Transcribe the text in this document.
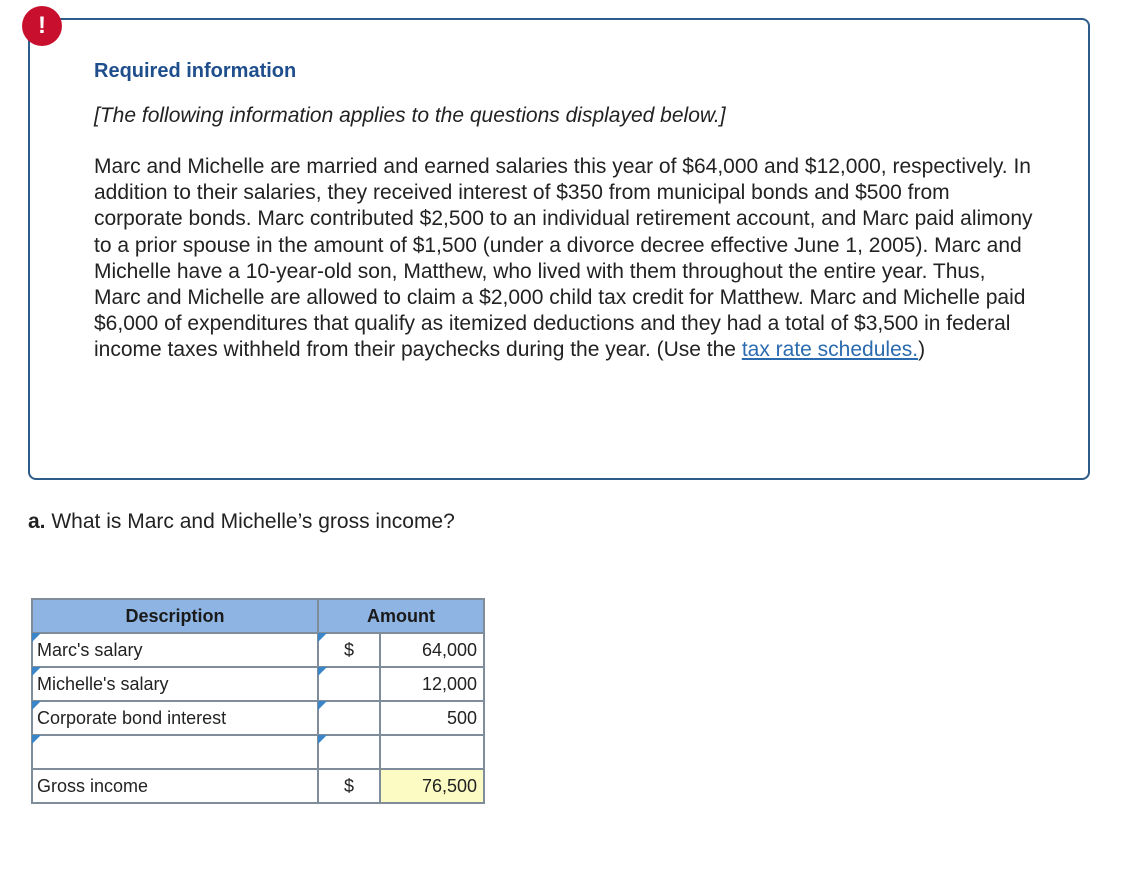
Required information
[The following information applies to the questions displayed below.]
Marc and Michelle are married and earned salaries this year of $64,000 and $12,000, respectively. In addition to their salaries, they received interest of $350 from municipal bonds and $500 from corporate bonds. Marc contributed $2,500 to an individual retirement account, and Marc paid alimony to a prior spouse in the amount of $1,500 (under a divorce decree effective June 1, 2005). Marc and Michelle have a 10-year-old son, Matthew, who lived with them throughout the entire year. Thus, Marc and Michelle are allowed to claim a $2,000 child tax credit for Matthew. Marc and Michelle paid $6,000 of expenditures that qualify as itemized deductions and they had a total of $3,500 in federal income taxes withheld from their paychecks during the year. (Use the tax rate schedules.)
!
a. What is Marc and Michelle’s gross income?
Description	Amount	

Marc's salary	$	64,000

Michelle's salary		12,000

Corporate bond interest		500

Gross income	$	76,500
